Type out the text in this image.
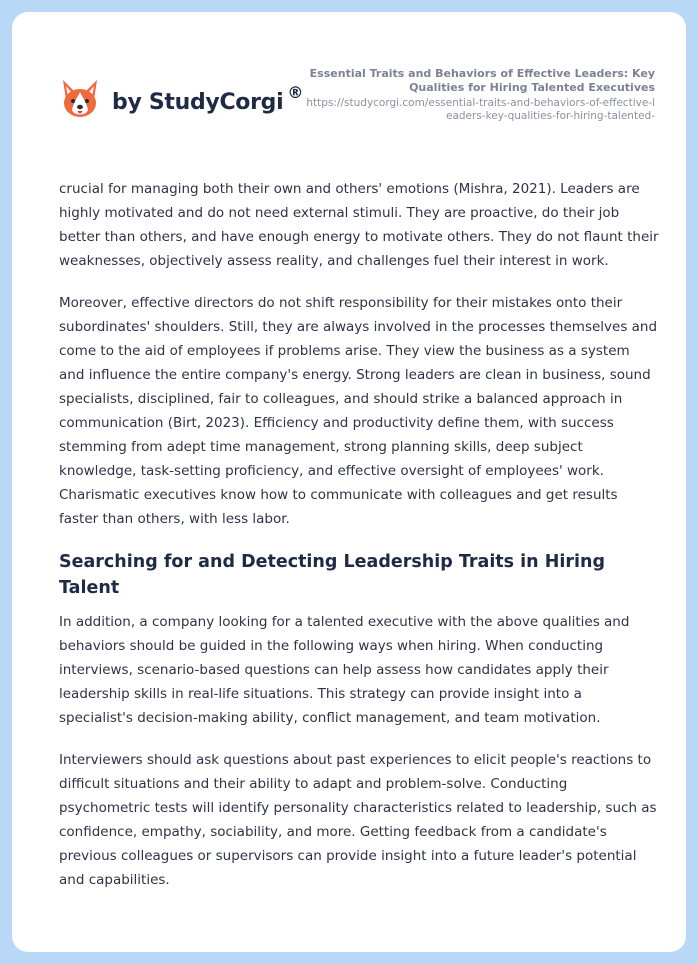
by StudyCorgi ®
Essential Traits and Behaviors of Effective Leaders: Key Qualities for Hiring Talented Executives
https://studycorgi.com/essential-traits-and-behaviors-of-effective-leaders-key-qualities-for-hiring-talented-

crucial for managing both their own and others' emotions (Mishra, 2021). Leaders are highly motivated and do not need external stimuli. They are proactive, do their job better than others, and have enough energy to motivate others. They do not flaunt their weaknesses, objectively assess reality, and challenges fuel their interest in work.

Moreover, effective directors do not shift responsibility for their mistakes onto their subordinates' shoulders. Still, they are always involved in the processes themselves and come to the aid of employees if problems arise. They view the business as a system and influence the entire company's energy. Strong leaders are clean in business, sound specialists, disciplined, fair to colleagues, and should strike a balanced approach in communication (Birt, 2023). Efficiency and productivity define them, with success stemming from adept time management, strong planning skills, deep subject knowledge, task-setting proficiency, and effective oversight of employees' work. Charismatic executives know how to communicate with colleagues and get results faster than others, with less labor.

Searching for and Detecting Leadership Traits in Hiring Talent

In addition, a company looking for a talented executive with the above qualities and behaviors should be guided in the following ways when hiring. When conducting interviews, scenario-based questions can help assess how candidates apply their leadership skills in real-life situations. This strategy can provide insight into a specialist's decision-making ability, conflict management, and team motivation.

Interviewers should ask questions about past experiences to elicit people's reactions to difficult situations and their ability to adapt and problem-solve. Conducting psychometric tests will identify personality characteristics related to leadership, such as confidence, empathy, sociability, and more. Getting feedback from a candidate's previous colleagues or supervisors can provide insight into a future leader's potential and capabilities.
